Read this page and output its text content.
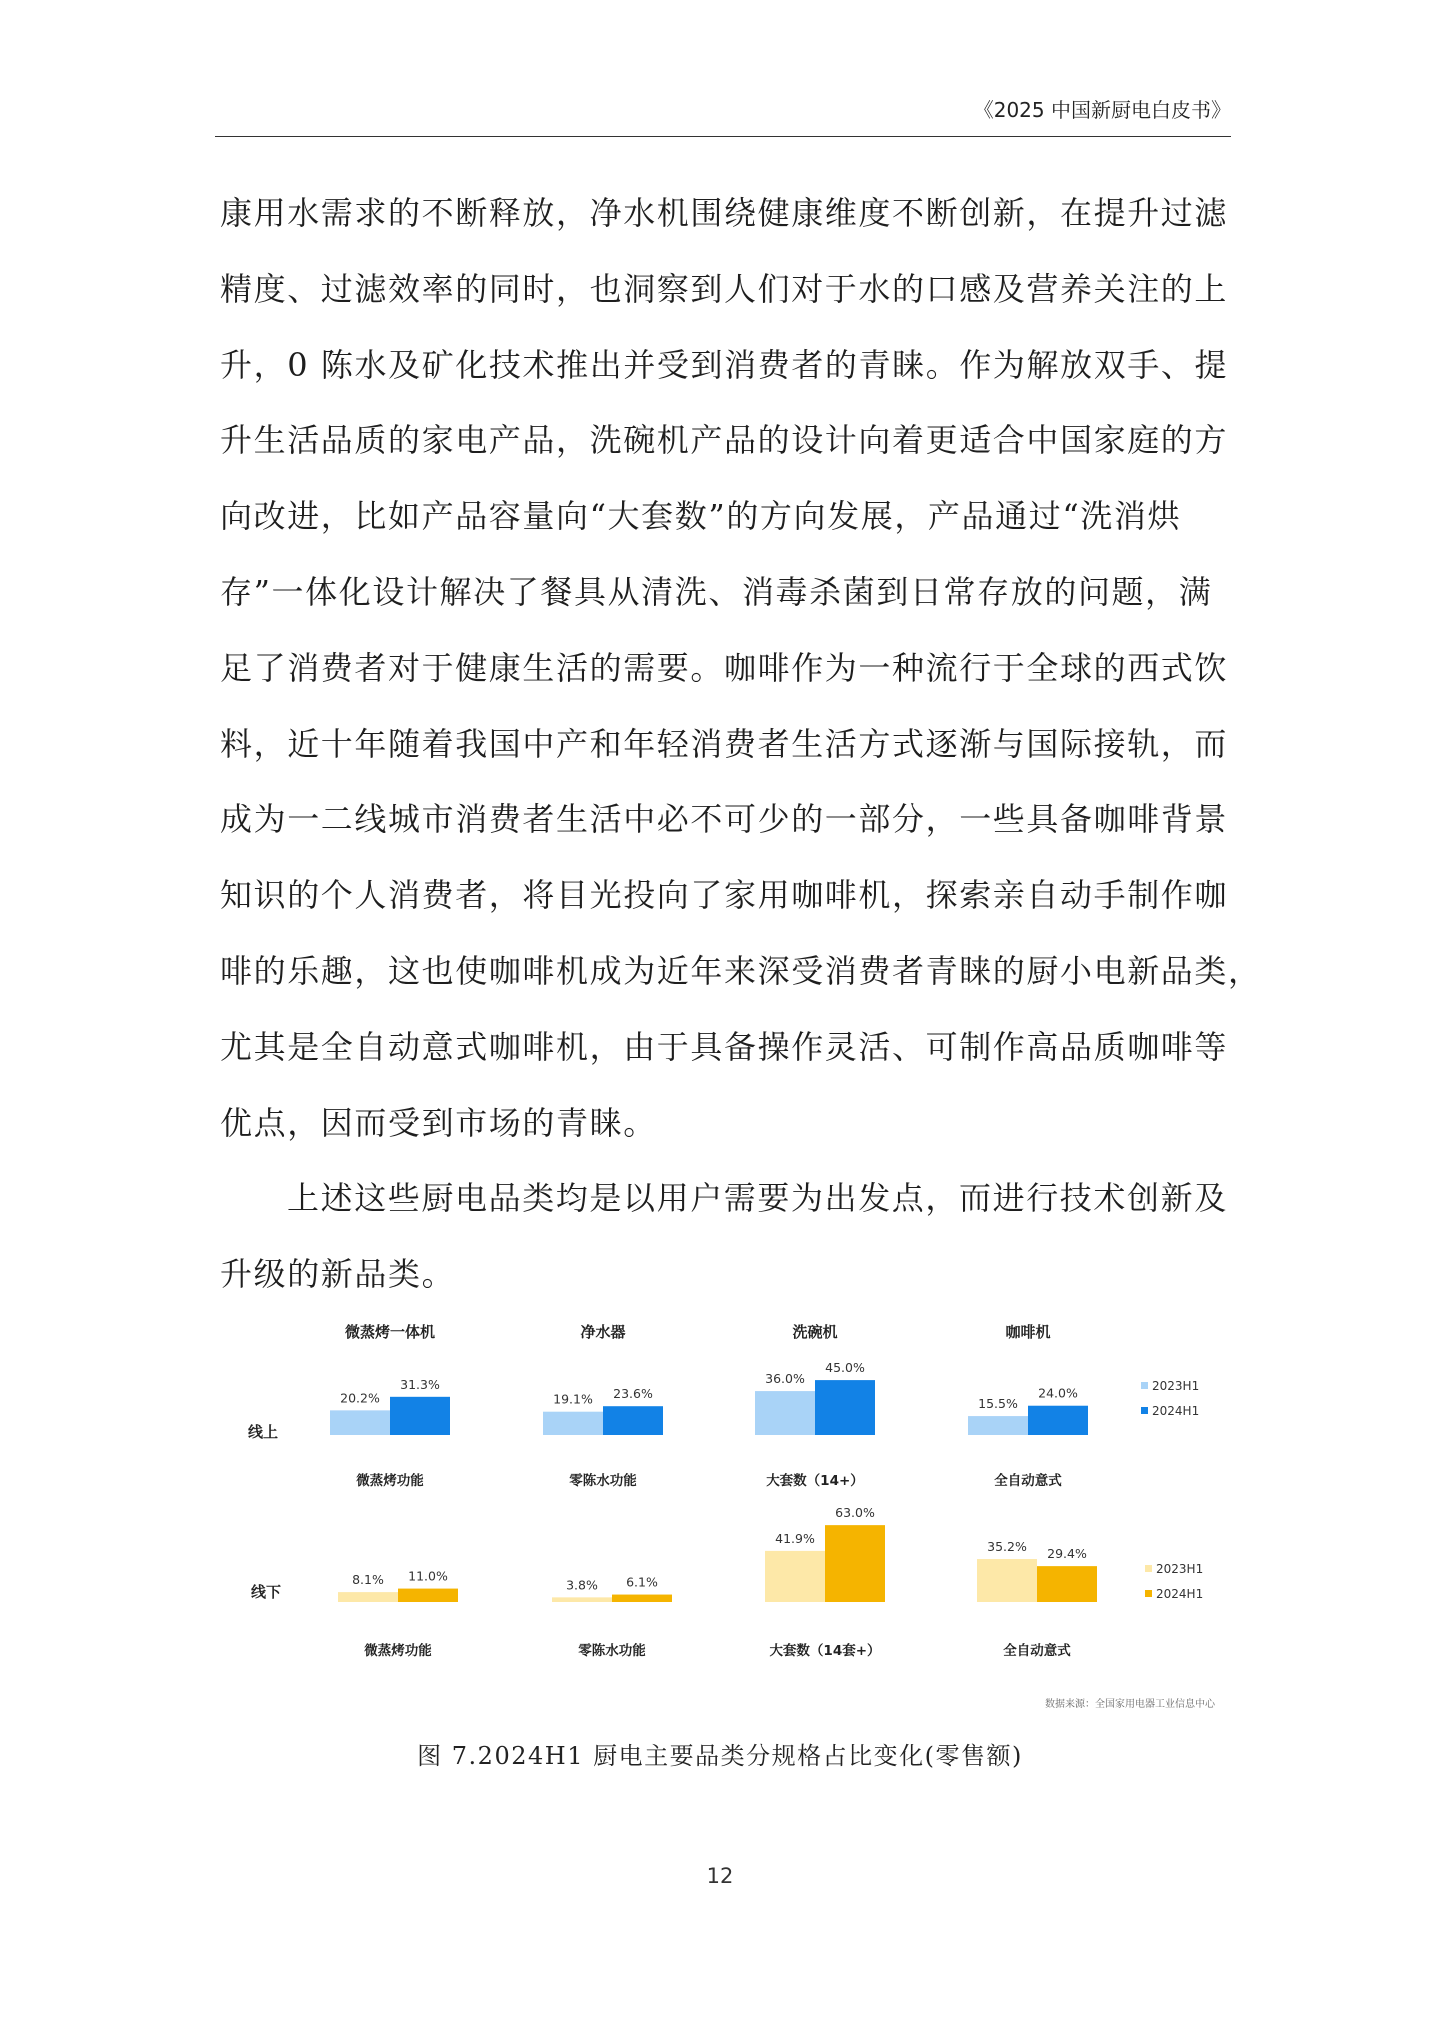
《2025 中国新厨电白皮书》
康用水需求的不断释放，净水机围绕健康维度不断创新，在提升过滤
精度、过滤效率的同时，也洞察到人们对于水的口感及营养关注的上
升，0 陈水及矿化技术推出并受到消费者的青睐。作为解放双手、提
升生活品质的家电产品，洗碗机产品的设计向着更适合中国家庭的方
向改进，比如产品容量向“大套数”的方向发展，产品通过“洗消烘
存”一体化设计解决了餐具从清洗、消毒杀菌到日常存放的问题，满
足了消费者对于健康生活的需要。咖啡作为一种流行于全球的西式饮
料，近十年随着我国中产和年轻消费者生活方式逐渐与国际接轨，而
成为一二线城市消费者生活中必不可少的一部分，一些具备咖啡背景
知识的个人消费者，将目光投向了家用咖啡机，探索亲自动手制作咖
啡的乐趣，这也使咖啡机成为近年来深受消费者青睐的厨小电新品类，
尤其是全自动意式咖啡机，由于具备操作灵活、可制作高品质咖啡等
优点，因而受到市场的青睐。
上述这些厨电品类均是以用户需要为出发点，而进行技术创新及
升级的新品类。
微蒸烤一体机	净水器	洗碗机	咖啡机
线上
20.2%
31.3%
微蒸烤功能
19.1% 23.6%
零陈水功能
36.0%
45.0%
大套数（14+）
15.5%
24.0%
全自动意式
2023H1
2024H1
线下
8.1% 11.0%
微蒸烤功能
3.8% 6.1%
零陈水功能
41.9%
63.0%
大套数（14套+）
35.2% 29.4%
全自动意式
2023H1
2024H1
数据来源：全国家用电器工业信息中心
图 7.2024H1 厨电主要品类分规格占比变化(零售额)
12
